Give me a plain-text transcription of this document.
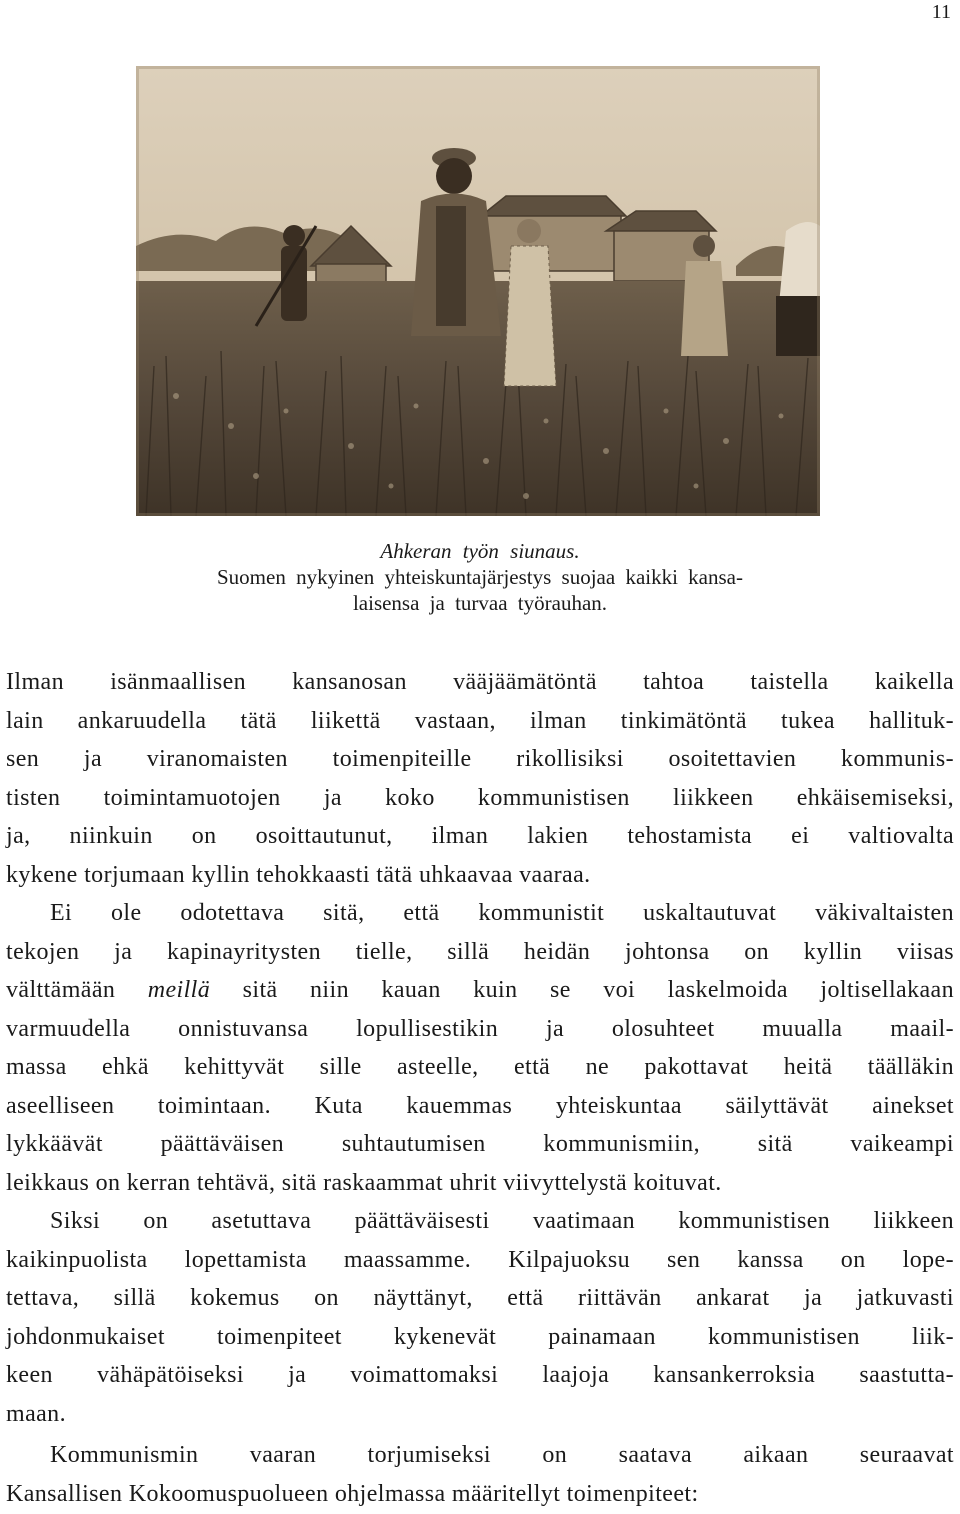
11
Ahkeran työn siunaus.
Suomen nykyinen yhteiskuntajärjestys suojaa kaikki kansa-
laisensa ja turvaa työrauhan.
Ilman isänmaallisen kansanosan vääjäämätöntä tahtoa taistella kaikella
lain ankaruudella tätä liikettä vastaan, ilman tinkimätöntä tukea hallituk-
sen ja viranomaisten toimenpiteille rikollisiksi osoitettavien kommunis-
tisten toimintamuotojen ja koko kommunistisen liikkeen ehkäisemiseksi,
ja, niinkuin on osoittautunut, ilman lakien tehostamista ei valtiovalta
kykene torjumaan kyllin tehokkaasti tätä uhkaavaa vaaraa.
Ei ole odotettava sitä, että kommunistit uskaltautuvat väkivaltaisten
tekojen ja kapinayritysten tielle, sillä heidän johtonsa on kyllin viisas
välttämään meillä sitä niin kauan kuin se voi laskelmoida joltisellakaan
varmuudella onnistuvansa lopullisestikin ja olosuhteet muualla maail-
massa ehkä kehittyvät sille asteelle, että ne pakottavat heitä täälläkin
aseelliseen toimintaan. Kuta kauemmas yhteiskuntaa säilyttävät ainekset
lykkäävät päättäväisen suhtautumisen kommunismiin, sitä vaikeampi
leikkaus on kerran tehtävä, sitä raskaammat uhrit viivyttelystä koituvat.
Siksi on asetuttava päättäväisesti vaatimaan kommunistisen liikkeen
kaikinpuolista lopettamista maassamme. Kilpajuoksu sen kanssa on lope-
tettava, sillä kokemus on näyttänyt, että riittävän ankarat ja jatkuvasti
johdonmukaiset toimenpiteet kykenevät painamaan kommunistisen liik-
keen vähäpätöiseksi ja voimattomaksi laajoja kansankerroksia saastutta-
maan.
Kommunismin vaaran torjumiseksi on saatava aikaan seuraavat
Kansallisen Kokoomuspuolueen ohjelmassa määritellyt toimenpiteet:
